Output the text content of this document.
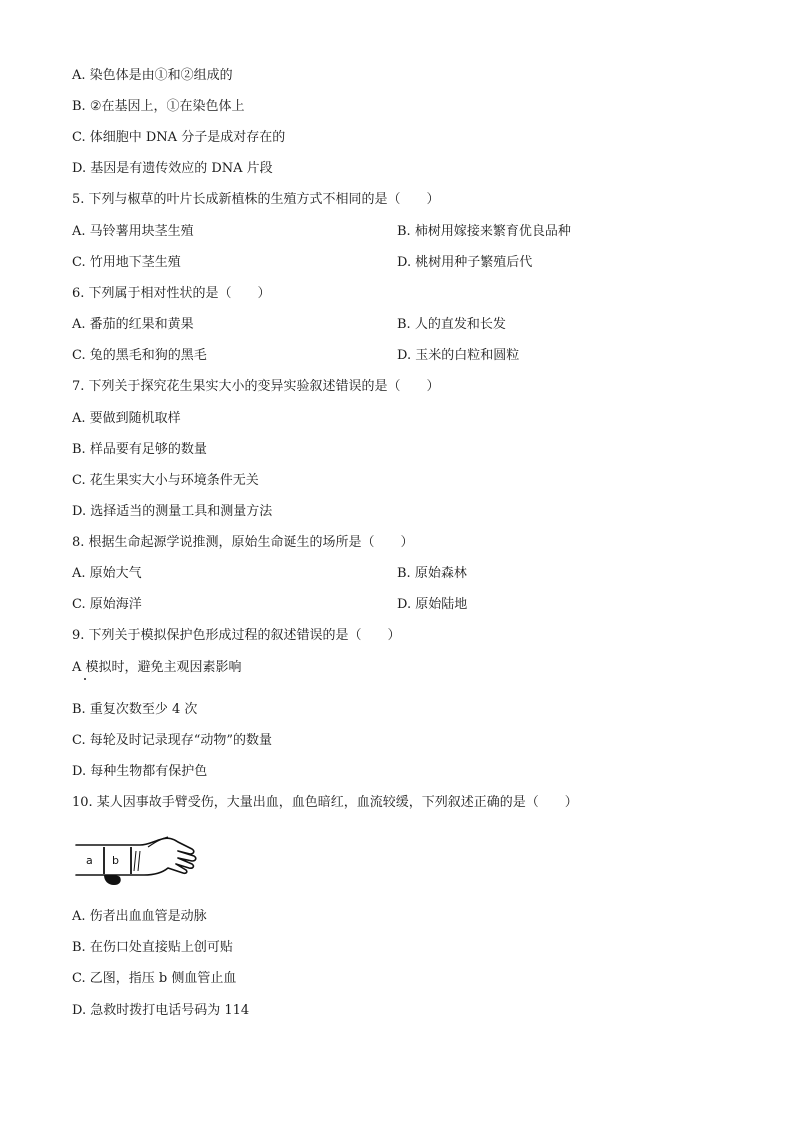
A. 染色体是由①和②组成的
B. ②在基因上，①在染色体上
C. 体细胞中 DNA 分子是成对存在的
D. 基因是有遗传效应的 DNA 片段
5. 下列与椒草的叶片长成新植株的生殖方式不相同的是（　　）
A. 马铃薯用块茎生殖	B. 柿树用嫁接来繁育优良品种
C. 竹用地下茎生殖	D. 桃树用种子繁殖后代
6. 下列属于相对性状的是（　　）
A. 番茄的红果和黄果	B. 人的直发和长发
C. 兔的黑毛和狗的黑毛	D. 玉米的白粒和圆粒
7. 下列关于探究花生果实大小的变异实验叙述错误的是（　　）
A. 要做到随机取样
B. 样品要有足够的数量
C. 花生果实大小与环境条件无关
D. 选择适当的测量工具和测量方法
8. 根据生命起源学说推测，原始生命诞生的场所是（　　）
A. 原始大气	B. 原始森林
C. 原始海洋	D. 原始陆地
9. 下列关于模拟保护色形成过程的叙述错误的是（　　）
A 模拟时，避免主观因素影响
B. 重复次数至少 4 次
C. 每轮及时记录现存“动物”的数量
D. 每种生物都有保护色
10. 某人因事故手臂受伤，大量出血，血色暗红，血流较缓，下列叙述正确的是（　　）
a b
A. 伤者出血血管是动脉
B. 在伤口处直接贴上创可贴
C. 乙图，指压 b 侧血管止血
D. 急救时拨打电话号码为 114
